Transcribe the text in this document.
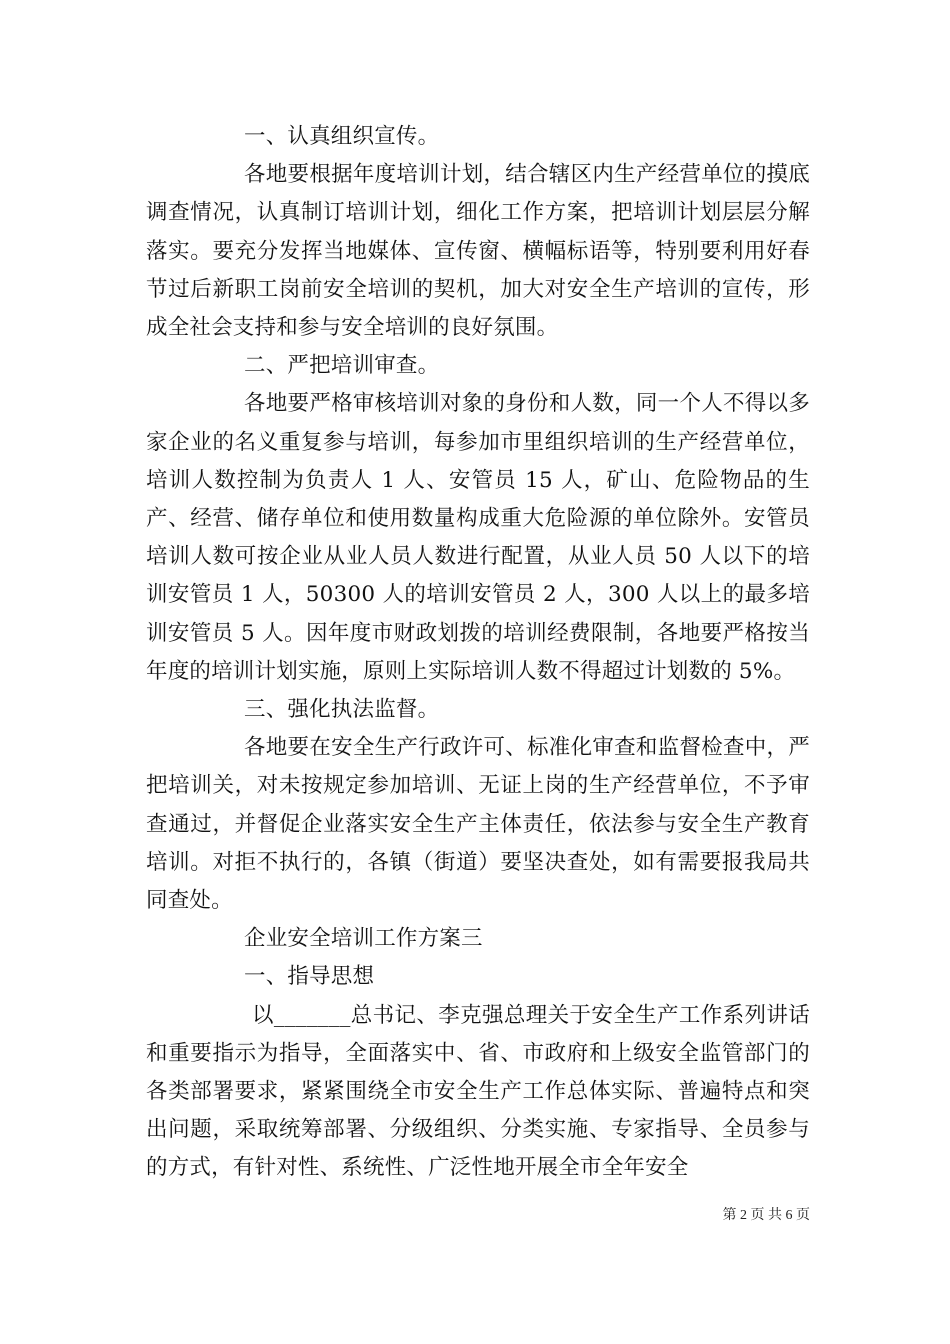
一、认真组织宣传。

各地要根据年度培训计划，结合辖区内生产经营单位的摸底调查情况，认真制订培训计划，细化工作方案，把培训计划层层分解落实。要充分发挥当地媒体、宣传窗、横幅标语等，特别要利用好春节过后新职工岗前安全培训的契机，加大对安全生产培训的宣传，形成全社会支持和参与安全培训的良好氛围。

二、严把培训审查。

各地要严格审核培训对象的身份和人数，同一个人不得以多家企业的名义重复参与培训，每参加市里组织培训的生产经营单位，培训人数控制为负责人 1 人、安管员 15 人，矿山、危险物品的生产、经营、储存单位和使用数量构成重大危险源的单位除外。安管员培训人数可按企业从业人员人数进行配置，从业人员 50 人以下的培训安管员 1 人，50300 人的培训安管员 2 人，300 人以上的最多培训安管员 5 人。因年度市财政划拨的培训经费限制，各地要严格按当年度的培训计划实施，原则上实际培训人数不得超过计划数的 5%。

三、强化执法监督。

各地要在安全生产行政许可、标准化审查和监督检查中，严把培训关，对未按规定参加培训、无证上岗的生产经营单位，不予审查通过，并督促企业落实安全生产主体责任，依法参与安全生产教育培训。对拒不执行的，各镇（街道）要坚决查处，如有需要报我局共同查处。

企业安全培训工作方案三

一、指导思想

以_______总书记、李克强总理关于安全生产工作系列讲话和重要指示为指导，全面落实中、省、市政府和上级安全监管部门的各类部署要求，紧紧围绕全市安全生产工作总体实际、普遍特点和突出问题，采取统筹部署、分级组织、分类实施、专家指导、全员参与的方式，有针对性、系统性、广泛性地开展全市全年安全

第 2 页 共 6 页
